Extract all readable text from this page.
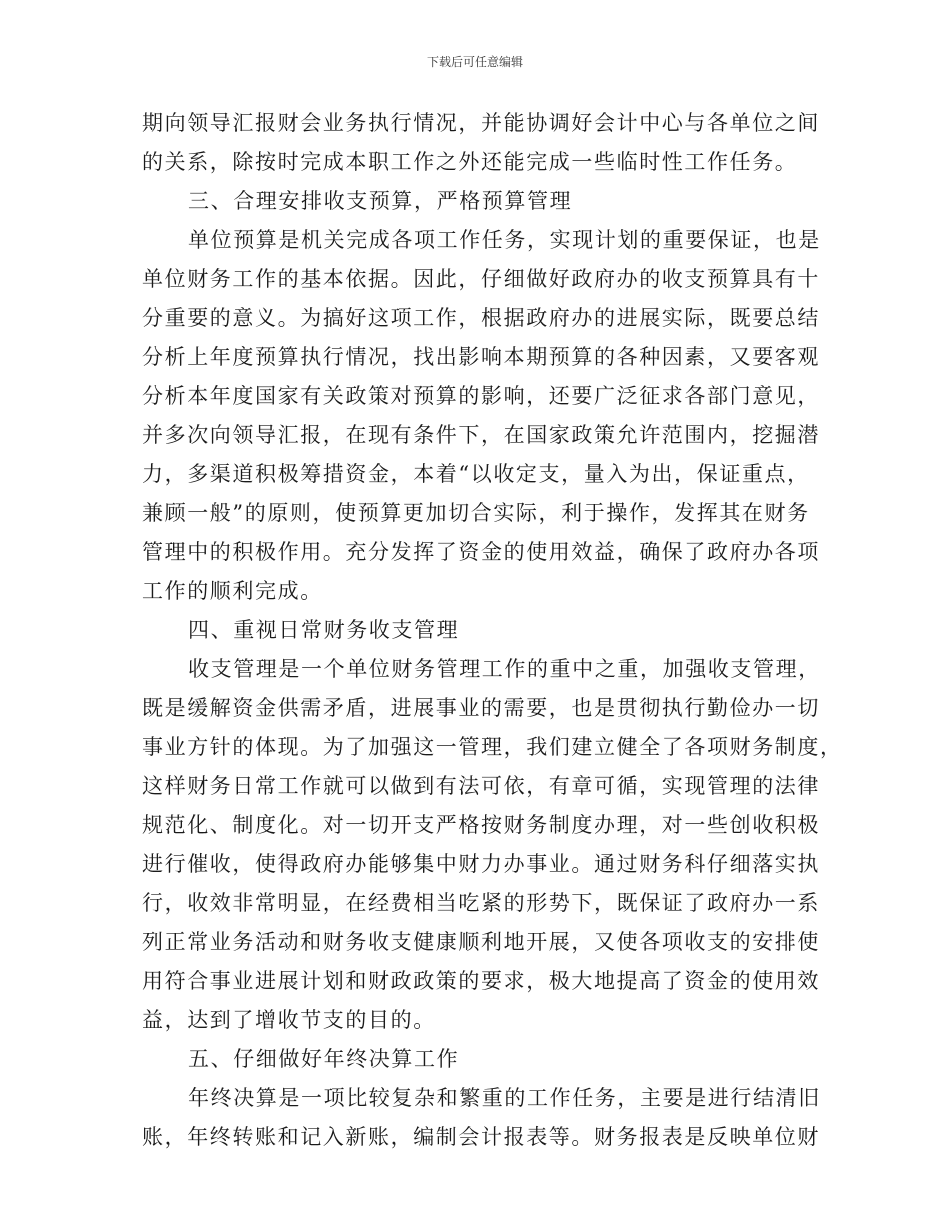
下载后可任意编辑
期向领导汇报财会业务执行情况，并能协调好会计中心与各单位之间
的关系，除按时完成本职工作之外还能完成一些临时性工作任务。
三、合理安排收支预算，严格预算管理
单位预算是机关完成各项工作任务，实现计划的重要保证，也是
单位财务工作的基本依据。因此，仔细做好政府办的收支预算具有十
分重要的意义。为搞好这项工作，根据政府办的进展实际，既要总结
分析上年度预算执行情况，找出影响本期预算的各种因素，又要客观
分析本年度国家有关政策对预算的影响，还要广泛征求各部门意见，
并多次向领导汇报，在现有条件下，在国家政策允许范围内，挖掘潜
力，多渠道积极筹措资金，本着“以收定支，量入为出，保证重点，
兼顾一般”的原则，使预算更加切合实际，利于操作，发挥其在财务
管理中的积极作用。充分发挥了资金的使用效益，确保了政府办各项
工作的顺利完成。
四、重视日常财务收支管理
收支管理是一个单位财务管理工作的重中之重，加强收支管理，
既是缓解资金供需矛盾，进展事业的需要，也是贯彻执行勤俭办一切
事业方针的体现。为了加强这一管理，我们建立健全了各项财务制度，
这样财务日常工作就可以做到有法可依，有章可循，实现管理的法律
规范化、制度化。对一切开支严格按财务制度办理，对一些创收积极
进行催收，使得政府办能够集中财力办事业。通过财务科仔细落实执
行，收效非常明显，在经费相当吃紧的形势下，既保证了政府办一系
列正常业务活动和财务收支健康顺利地开展，又使各项收支的安排使
用符合事业进展计划和财政政策的要求，极大地提高了资金的使用效
益，达到了增收节支的目的。
五、仔细做好年终决算工作
年终决算是一项比较复杂和繁重的工作任务，主要是进行结清旧
账，年终转账和记入新账，编制会计报表等。财务报表是反映单位财
